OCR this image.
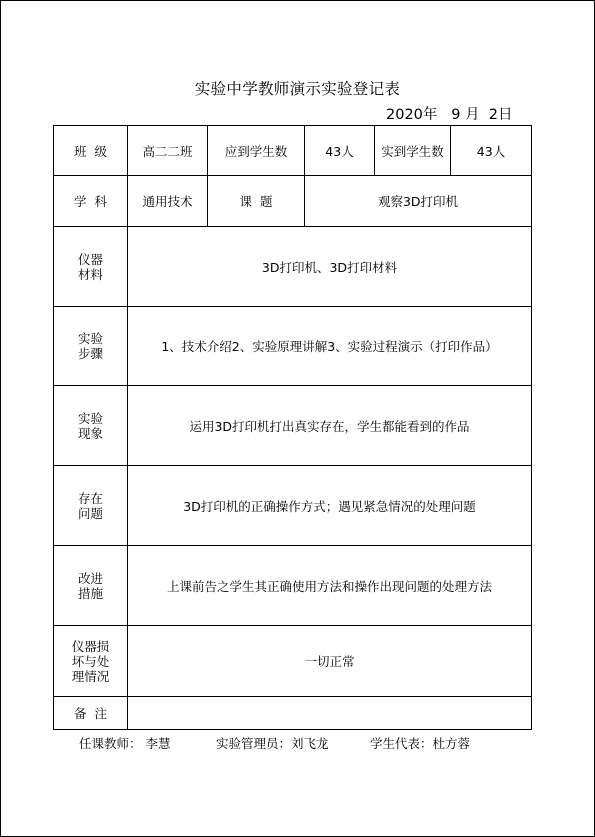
实验中学教师演示实验登记表
2020年   9 月  2日
班  级	高二二班	应到学生数	43人	实到学生数	43人
学  科	通用技术	课  题	观察3D打印机		

仪器
材料	3D打印机、3D打印材料				

实验
步骤	1、技术介绍2、实验原理讲解3、实验过程演示（打印作品）				

实验
现象	运用3D打印机打出真实存在，学生都能看到的作品				

存在
问题	3D打印机的正确操作方式；遇见紧急情况的处理问题				

改进
措施	上课前告之学生其正确使用方法和操作出现问题的处理方法				

仪器损
坏与处
理情况	一切正常				
备  注					
任课教师： 李慧	实验管理员：刘飞龙	学生代表：杜方蓉
